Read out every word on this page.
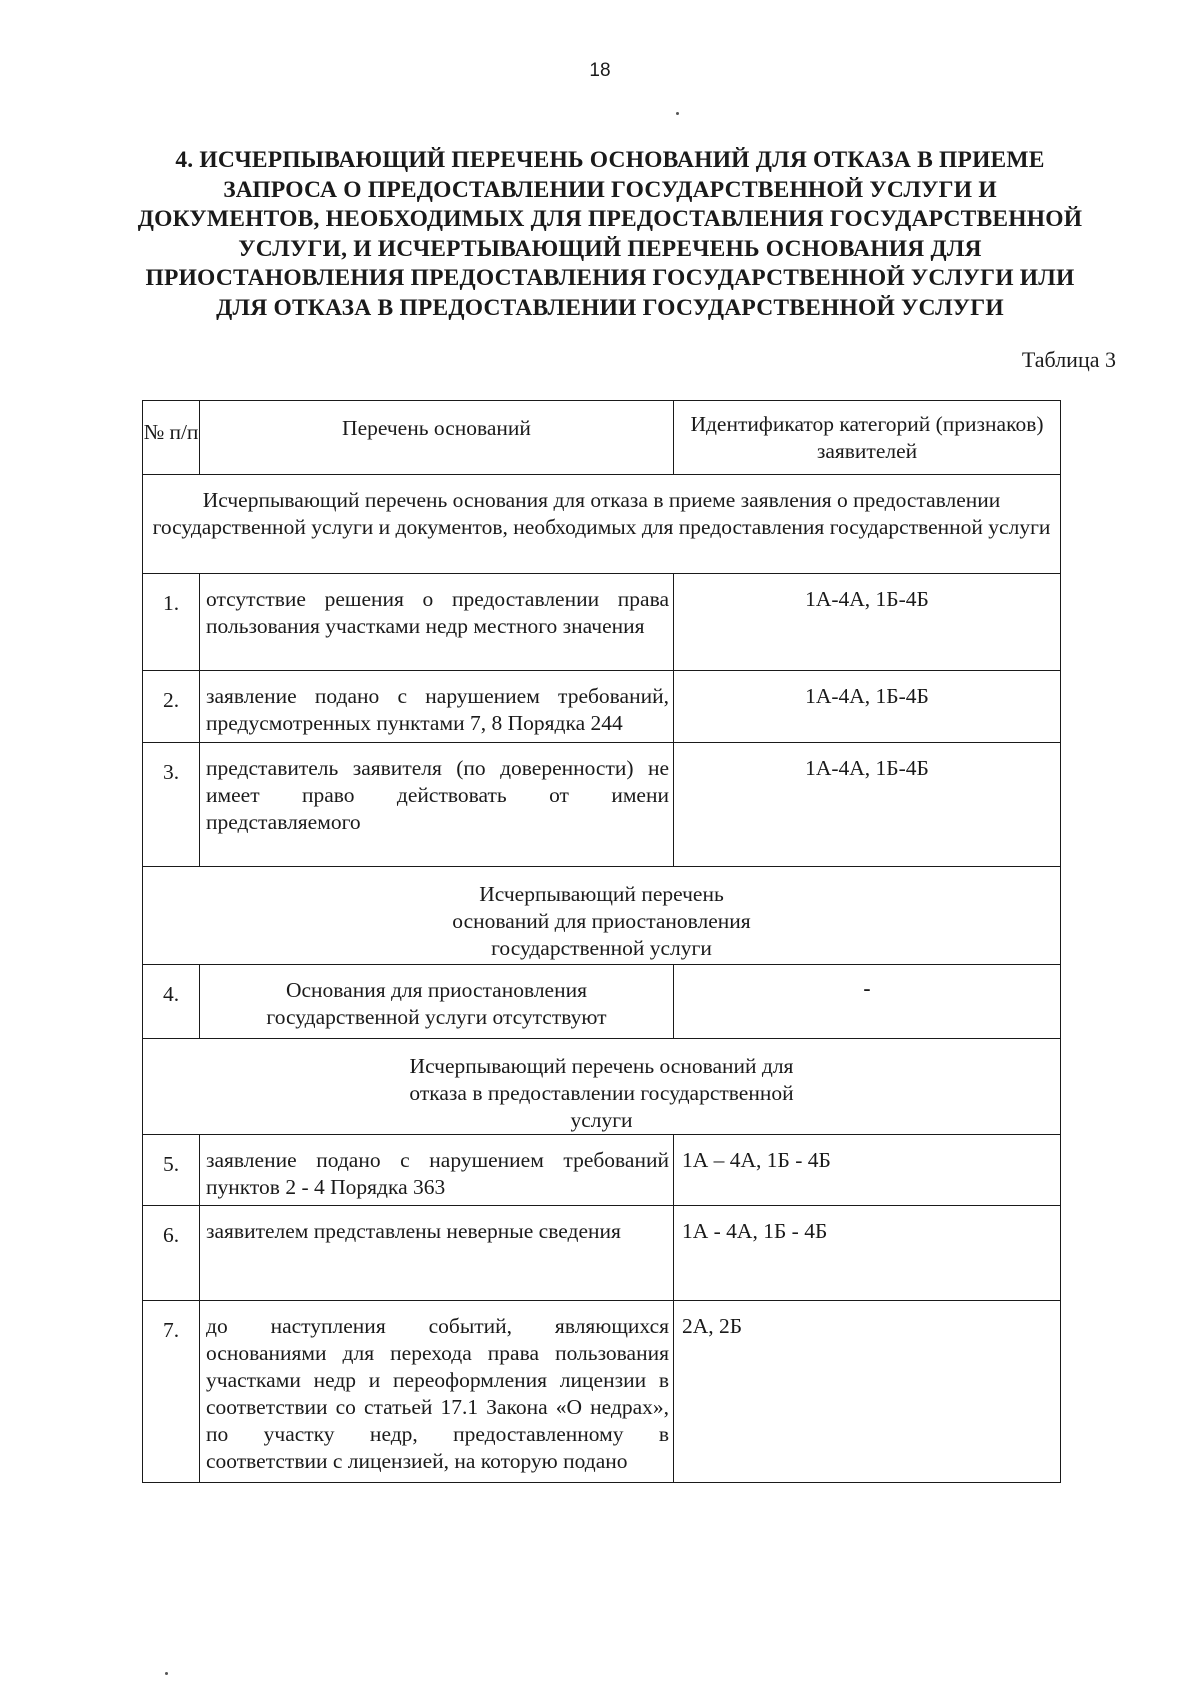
18
4. ИСЧЕРПЫВАЮЩИЙ ПЕРЕЧЕНЬ ОСНОВАНИЙ ДЛЯ ОТКАЗА В ПРИЕМЕ
ЗАПРОСА О ПРЕДОСТАВЛЕНИИ ГОСУДАРСТВЕННОЙ УСЛУГИ И
ДОКУМЕНТОВ, НЕОБХОДИМЫХ ДЛЯ ПРЕДОСТАВЛЕНИЯ ГОСУДАРСТВЕННОЙ
УСЛУГИ, И ИСЧЕРТЫВАЮЩИЙ ПЕРЕЧЕНЬ ОСНОВАНИЯ ДЛЯ
ПРИОСТАНОВЛЕНИЯ ПРЕДОСТАВЛЕНИЯ ГОСУДАРСТВЕННОЙ УСЛУГИ ИЛИ
ДЛЯ ОТКАЗА В ПРЕДОСТАВЛЕНИИ ГОСУДАРСТВЕННОЙ УСЛУГИ
Таблица 3
№ п/п	Перечень оснований	Идентификатор категорий (признаков) заявителей
Исчерпывающий перечень основания для отказа в приеме заявления о предоставлении государственной услуги и документов, необходимых для предоставления государственной услуги		
1.	отсутствие решения о предоставлении права пользования участками недр местного значения	1А-4А, 1Б-4Б
2.	заявление подано с нарушением требований, предусмотренных пунктами 7, 8 Порядка 244	1А-4А, 1Б-4Б
3.	представитель заявителя (по доверенности) не имеет право действовать от имени представляемого	1А-4А, 1Б-4Б
Исчерпывающий перечень оснований для приостановления государственной услуги		
4.	Основания для приостановления государственной услуги отсутствуют	-
Исчерпывающий перечень оснований для отказа в предоставлении государственной услуги		
5.	заявление подано с нарушением требований пунктов 2 - 4 Порядка 363	1А – 4А, 1Б - 4Б
6.	заявителем представлены неверные сведения	1А - 4А, 1Б - 4Б
7.	до наступления событий, являющихся основаниями для перехода права пользования участками недр и переоформления лицензии в соответствии со статьей 17.1 Закона «О недрах», по участку недр, предоставленному в соответствии с лицензией, на которую подано	2А, 2Б
